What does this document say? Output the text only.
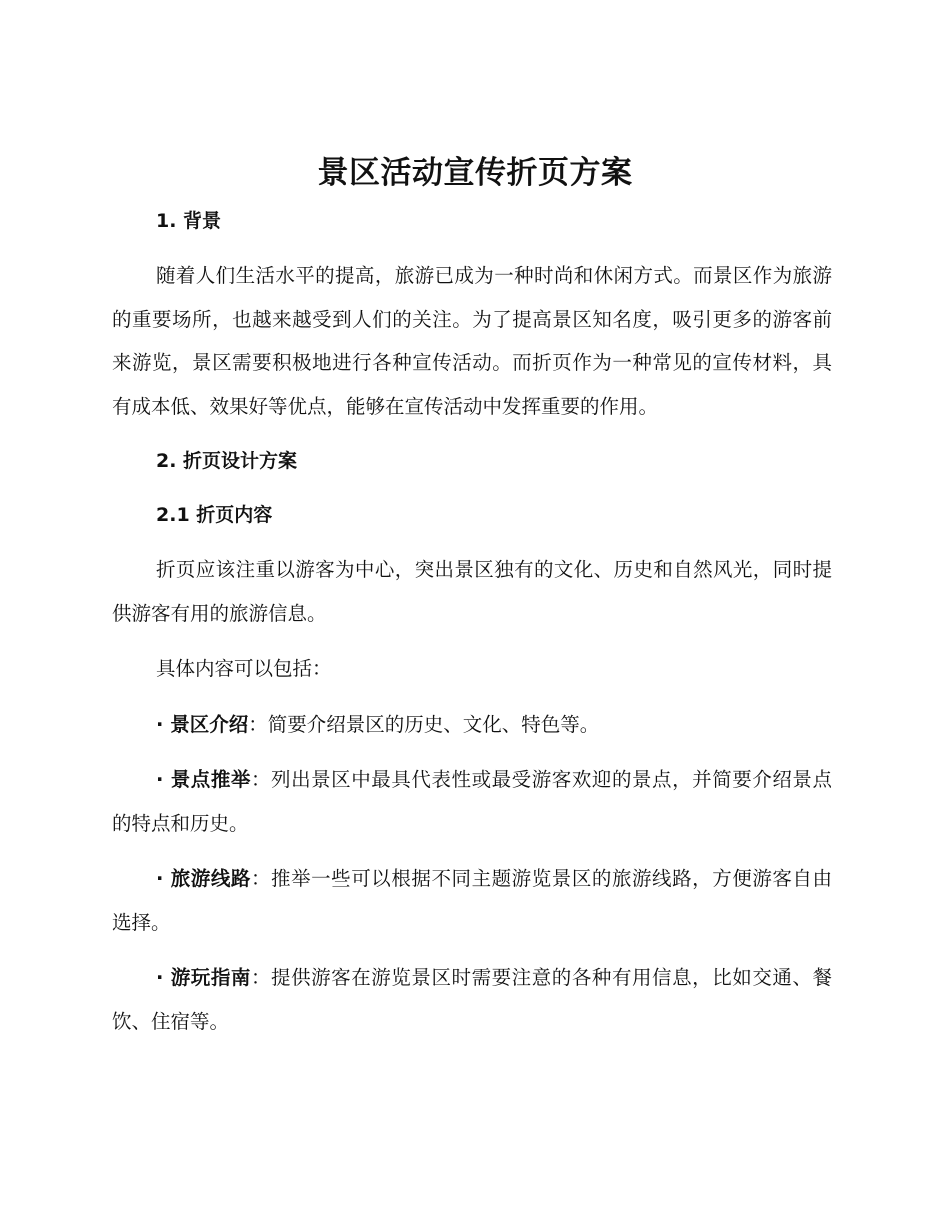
景区活动宣传折页方案
1. 背景

随着人们生活水平的提高，旅游已成为一种时尚和休闲方式。而景区作为旅游的重要场所，也越来越受到人们的关注。为了提高景区知名度，吸引更多的游客前来游览，景区需要积极地进行各种宣传活动。而折页作为一种常见的宣传材料，具有成本低、效果好等优点，能够在宣传活动中发挥重要的作用。

2. 折页设计方案
2.1 折页内容

折页应该注重以游客为中心，突出景区独有的文化、历史和自然风光，同时提供游客有用的旅游信息。

具体内容可以包括：

· 景区介绍：简要介绍景区的历史、文化、特色等。

· 景点推举：列出景区中最具代表性或最受游客欢迎的景点，并简要介绍景点的特点和历史。

· 旅游线路：推举一些可以根据不同主题游览景区的旅游线路，方便游客自由选择。

· 游玩指南：提供游客在游览景区时需要注意的各种有用信息，比如交通、餐饮、住宿等。
